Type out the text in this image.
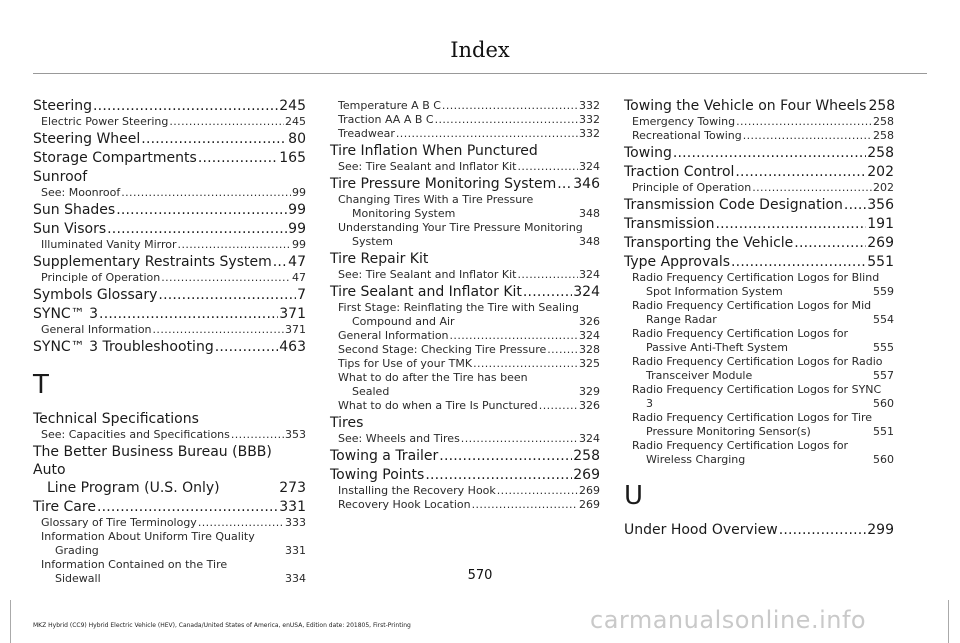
Index
Steering .....	245
Electric Power Steering .....	245
Steering Wheel .....	80
Storage Compartments .....	165
Sunroof
See: Moonroof .....	99
Sun Shades .....	99
Sun Visors .....	99
Illuminated Vanity Mirror .....	99
Supplementary Restraints System ..... 47
Principle of Operation .....	47
Symbols Glossary .....	7
SYNC™ 3 .....	371
General Information .....	371
SYNC™ 3 Troubleshooting .....	463
T
Technical Specifications
See: Capacities and Specifications .....	353
The Better Business Bureau (BBB) Auto
Line Program (U.S. Only)	273
Tire Care .....	331
Glossary of Tire Terminology .....	333
Information About Uniform Tire Quality
Grading	331
Information Contained on the Tire
Sidewall	334
Temperature A B C .....	332
Traction AA A B C .....	332
Treadwear .....	332
Tire Inflation When Punctured
See: Tire Sealant and Inflator Kit .....	324
Tire Pressure Monitoring System ..... 346
Changing Tires With a Tire Pressure
Monitoring System	348
Understanding Your Tire Pressure Monitoring
System	348
Tire Repair Kit
See: Tire Sealant and Inflator Kit .....	324
Tire Sealant and Inflator Kit .....	324
First Stage: Reinflating the Tire with Sealing
Compound and Air	326
General Information .....	324
Second Stage: Checking Tire Pressure .....	328
Tips for Use of your TMK .....	325
What to do after the Tire has been
Sealed	329
What to do when a Tire Is Punctured .....	326
Tires
See: Wheels and Tires .....	324
Towing a Trailer .....	258
Towing Points .....	269
Installing the Recovery Hook .....	269
Recovery Hook Location .....	269
Towing the Vehicle on Four Wheels 258
Emergency Towing .....	258
Recreational Towing .....	258
Towing .....	258
Traction Control .....	202
Principle of Operation .....	202
Transmission Code Designation ..... 356
Transmission .....	191
Transporting the Vehicle .....	269
Type Approvals .....	551
Radio Frequency Certification Logos for Blind
Spot Information System	559
Radio Frequency Certification Logos for Mid
Range Radar	554
Radio Frequency Certification Logos for
Passive Anti-Theft System	555
Radio Frequency Certification Logos for Radio
Transceiver Module	557
Radio Frequency Certification Logos for SYNC
3	560
Radio Frequency Certification Logos for Tire
Pressure Monitoring Sensor(s)	551
Radio Frequency Certification Logos for
Wireless Charging	560
U
Under Hood Overview .....	299
570
MKZ Hybrid (CC9) Hybrid Electric Vehicle (HEV), Canada/United States of America, enUSA, Edition date: 201805, First-Printing	carmanualsonline.info
